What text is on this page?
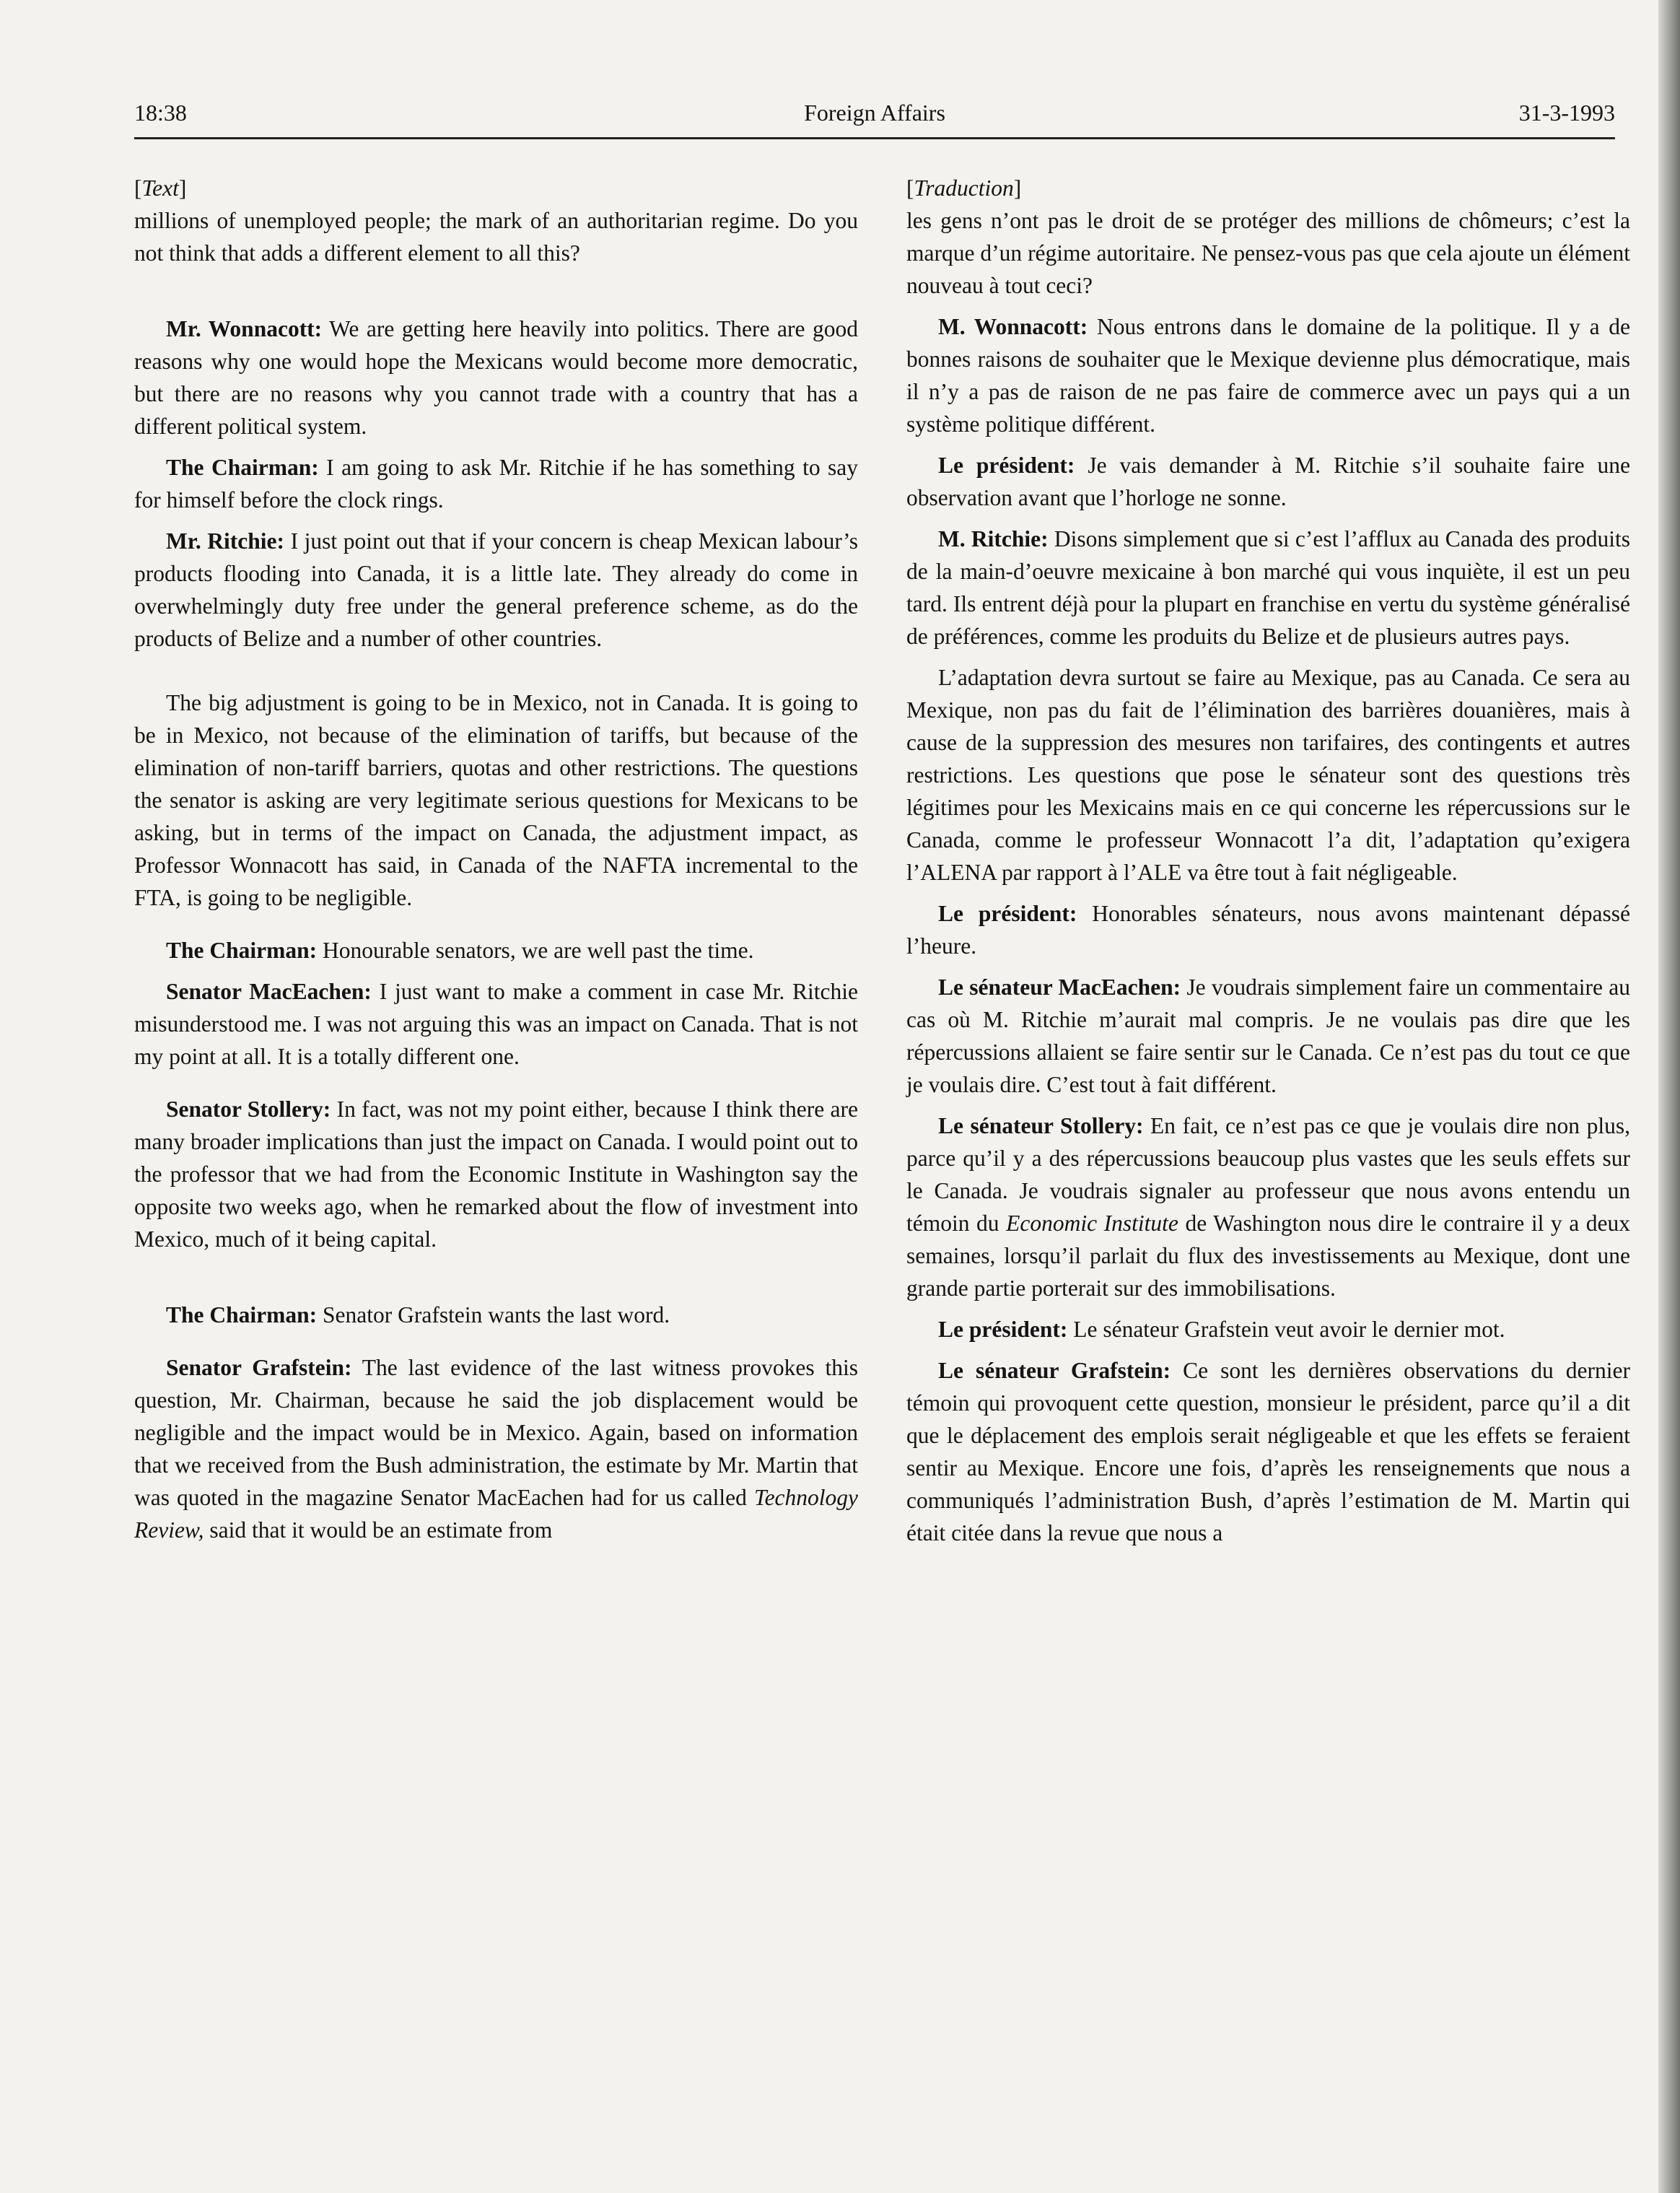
18:38	Foreign Affairs	31-3-1993

[Text]

millions of unemployed people; the mark of an authoritarian regime. Do you not think that adds a different element to all this?

Mr. Wonnacott: We are getting here heavily into politics. There are good reasons why one would hope the Mexicans would become more democratic, but there are no reasons why you cannot trade with a country that has a different political system.

The Chairman: I am going to ask Mr. Ritchie if he has something to say for himself before the clock rings.

Mr. Ritchie: I just point out that if your concern is cheap Mexican labour’s products flooding into Canada, it is a little late. They already do come in overwhelmingly duty free under the general preference scheme, as do the products of Belize and a number of other countries.

The big adjustment is going to be in Mexico, not in Canada. It is going to be in Mexico, not because of the elimination of tariffs, but because of the elimination of non-tariff barriers, quotas and other restrictions. The questions the senator is asking are very legitimate serious questions for Mexicans to be asking, but in terms of the impact on Canada, the adjustment impact, as Professor Wonnacott has said, in Canada of the NAFTA incremental to the FTA, is going to be negligible.

The Chairman: Honourable senators, we are well past the time.

Senator MacEachen: I just want to make a comment in case Mr. Ritchie misunderstood me. I was not arguing this was an impact on Canada. That is not my point at all. It is a totally different one.

Senator Stollery: In fact, was not my point either, because I think there are many broader implications than just the impact on Canada. I would point out to the professor that we had from the Economic Institute in Washington say the opposite two weeks ago, when he remarked about the flow of investment into Mexico, much of it being capital.

The Chairman: Senator Grafstein wants the last word.

Senator Grafstein: The last evidence of the last witness provokes this question, Mr. Chairman, because he said the job displacement would be negligible and the impact would be in Mexico. Again, based on information that we received from the Bush administration, the estimate by Mr. Martin that was quoted in the magazine Senator MacEachen had for us called Technology Review, said that it would be an estimate from

[Traduction]

les gens n’ont pas le droit de se protéger des millions de chômeurs; c’est la marque d’un régime autoritaire. Ne pensez-vous pas que cela ajoute un élément nouveau à tout ceci?

M. Wonnacott: Nous entrons dans le domaine de la politique. Il y a de bonnes raisons de souhaiter que le Mexique devienne plus démocratique, mais il n’y a pas de raison de ne pas faire de commerce avec un pays qui a un système politique différent.

Le président: Je vais demander à M. Ritchie s’il souhaite faire une observation avant que l’horloge ne sonne.

M. Ritchie: Disons simplement que si c’est l’afflux au Canada des produits de la main-d’oeuvre mexicaine à bon marché qui vous inquiète, il est un peu tard. Ils entrent déjà pour la plupart en franchise en vertu du système généralisé de préférences, comme les produits du Belize et de plusieurs autres pays.

L’adaptation devra surtout se faire au Mexique, pas au Canada. Ce sera au Mexique, non pas du fait de l’élimination des barrières douanières, mais à cause de la suppression des mesures non tarifaires, des contingents et autres restrictions. Les questions que pose le sénateur sont des questions très légitimes pour les Mexicains mais en ce qui concerne les répercussions sur le Canada, comme le professeur Wonnacott l’a dit, l’adaptation qu’exigera l’ALENA par rapport à l’ALE va être tout à fait négligeable.

Le président: Honorables sénateurs, nous avons maintenant dépassé l’heure.

Le sénateur MacEachen: Je voudrais simplement faire un commentaire au cas où M. Ritchie m’aurait mal compris. Je ne voulais pas dire que les répercussions allaient se faire sentir sur le Canada. Ce n’est pas du tout ce que je voulais dire. C’est tout à fait différent.

Le sénateur Stollery: En fait, ce n’est pas ce que je voulais dire non plus, parce qu’il y a des répercussions beaucoup plus vastes que les seuls effets sur le Canada. Je voudrais signaler au professeur que nous avons entendu un témoin du Economic Institute de Washington nous dire le contraire il y a deux semaines, lorsqu’il parlait du flux des investissements au Mexique, dont une grande partie porterait sur des immobilisations.

Le président: Le sénateur Grafstein veut avoir le dernier mot.

Le sénateur Grafstein: Ce sont les dernières observations du dernier témoin qui provoquent cette question, monsieur le président, parce qu’il a dit que le déplacement des emplois serait négligeable et que les effets se feraient sentir au Mexique. Encore une fois, d’après les renseignements que nous a communiqués l’administration Bush, d’après l’estimation de M. Martin qui était citée dans la revue que nous a
